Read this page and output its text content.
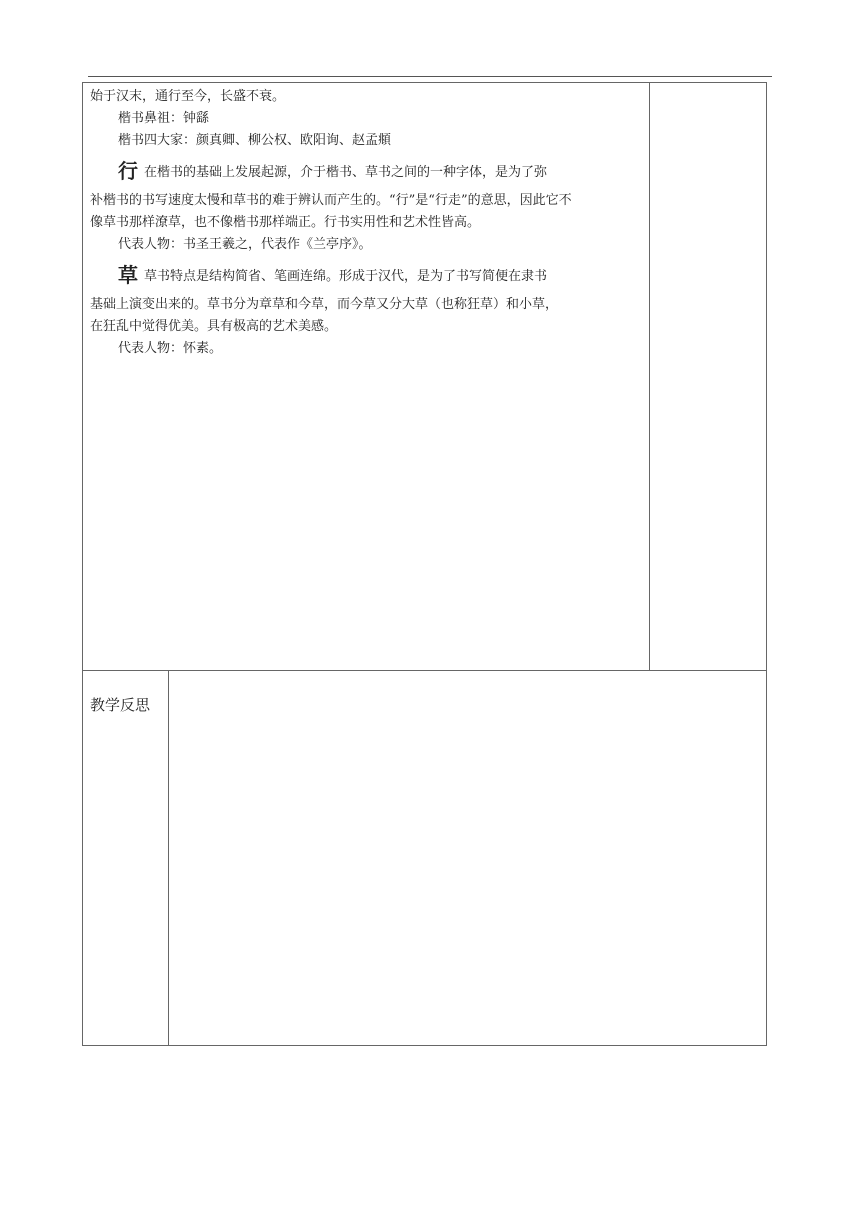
始于汉末，通行至今，长盛不衰。

楷书鼻祖：钟繇

楷书四大家：颜真卿、柳公权、欧阳询、赵孟頫

行在楷书的基础上发展起源，介于楷书、草书之间的一种字体，是为了弥

补楷书的书写速度太慢和草书的难于辨认而产生的。“行”是“行走”的意思，因此它不

像草书那样潦草，也不像楷书那样端正。行书实用性和艺术性皆高。

代表人物：书圣王羲之，代表作《兰亭序》。

草草书特点是结构简省、笔画连绵。形成于汉代，是为了书写简便在隶书

基础上演变出来的。草书分为章草和今草，而今草又分大草（也称狂草）和小草，

在狂乱中觉得优美。具有极高的艺术美感。

代表人物：怀素。

教学反思
